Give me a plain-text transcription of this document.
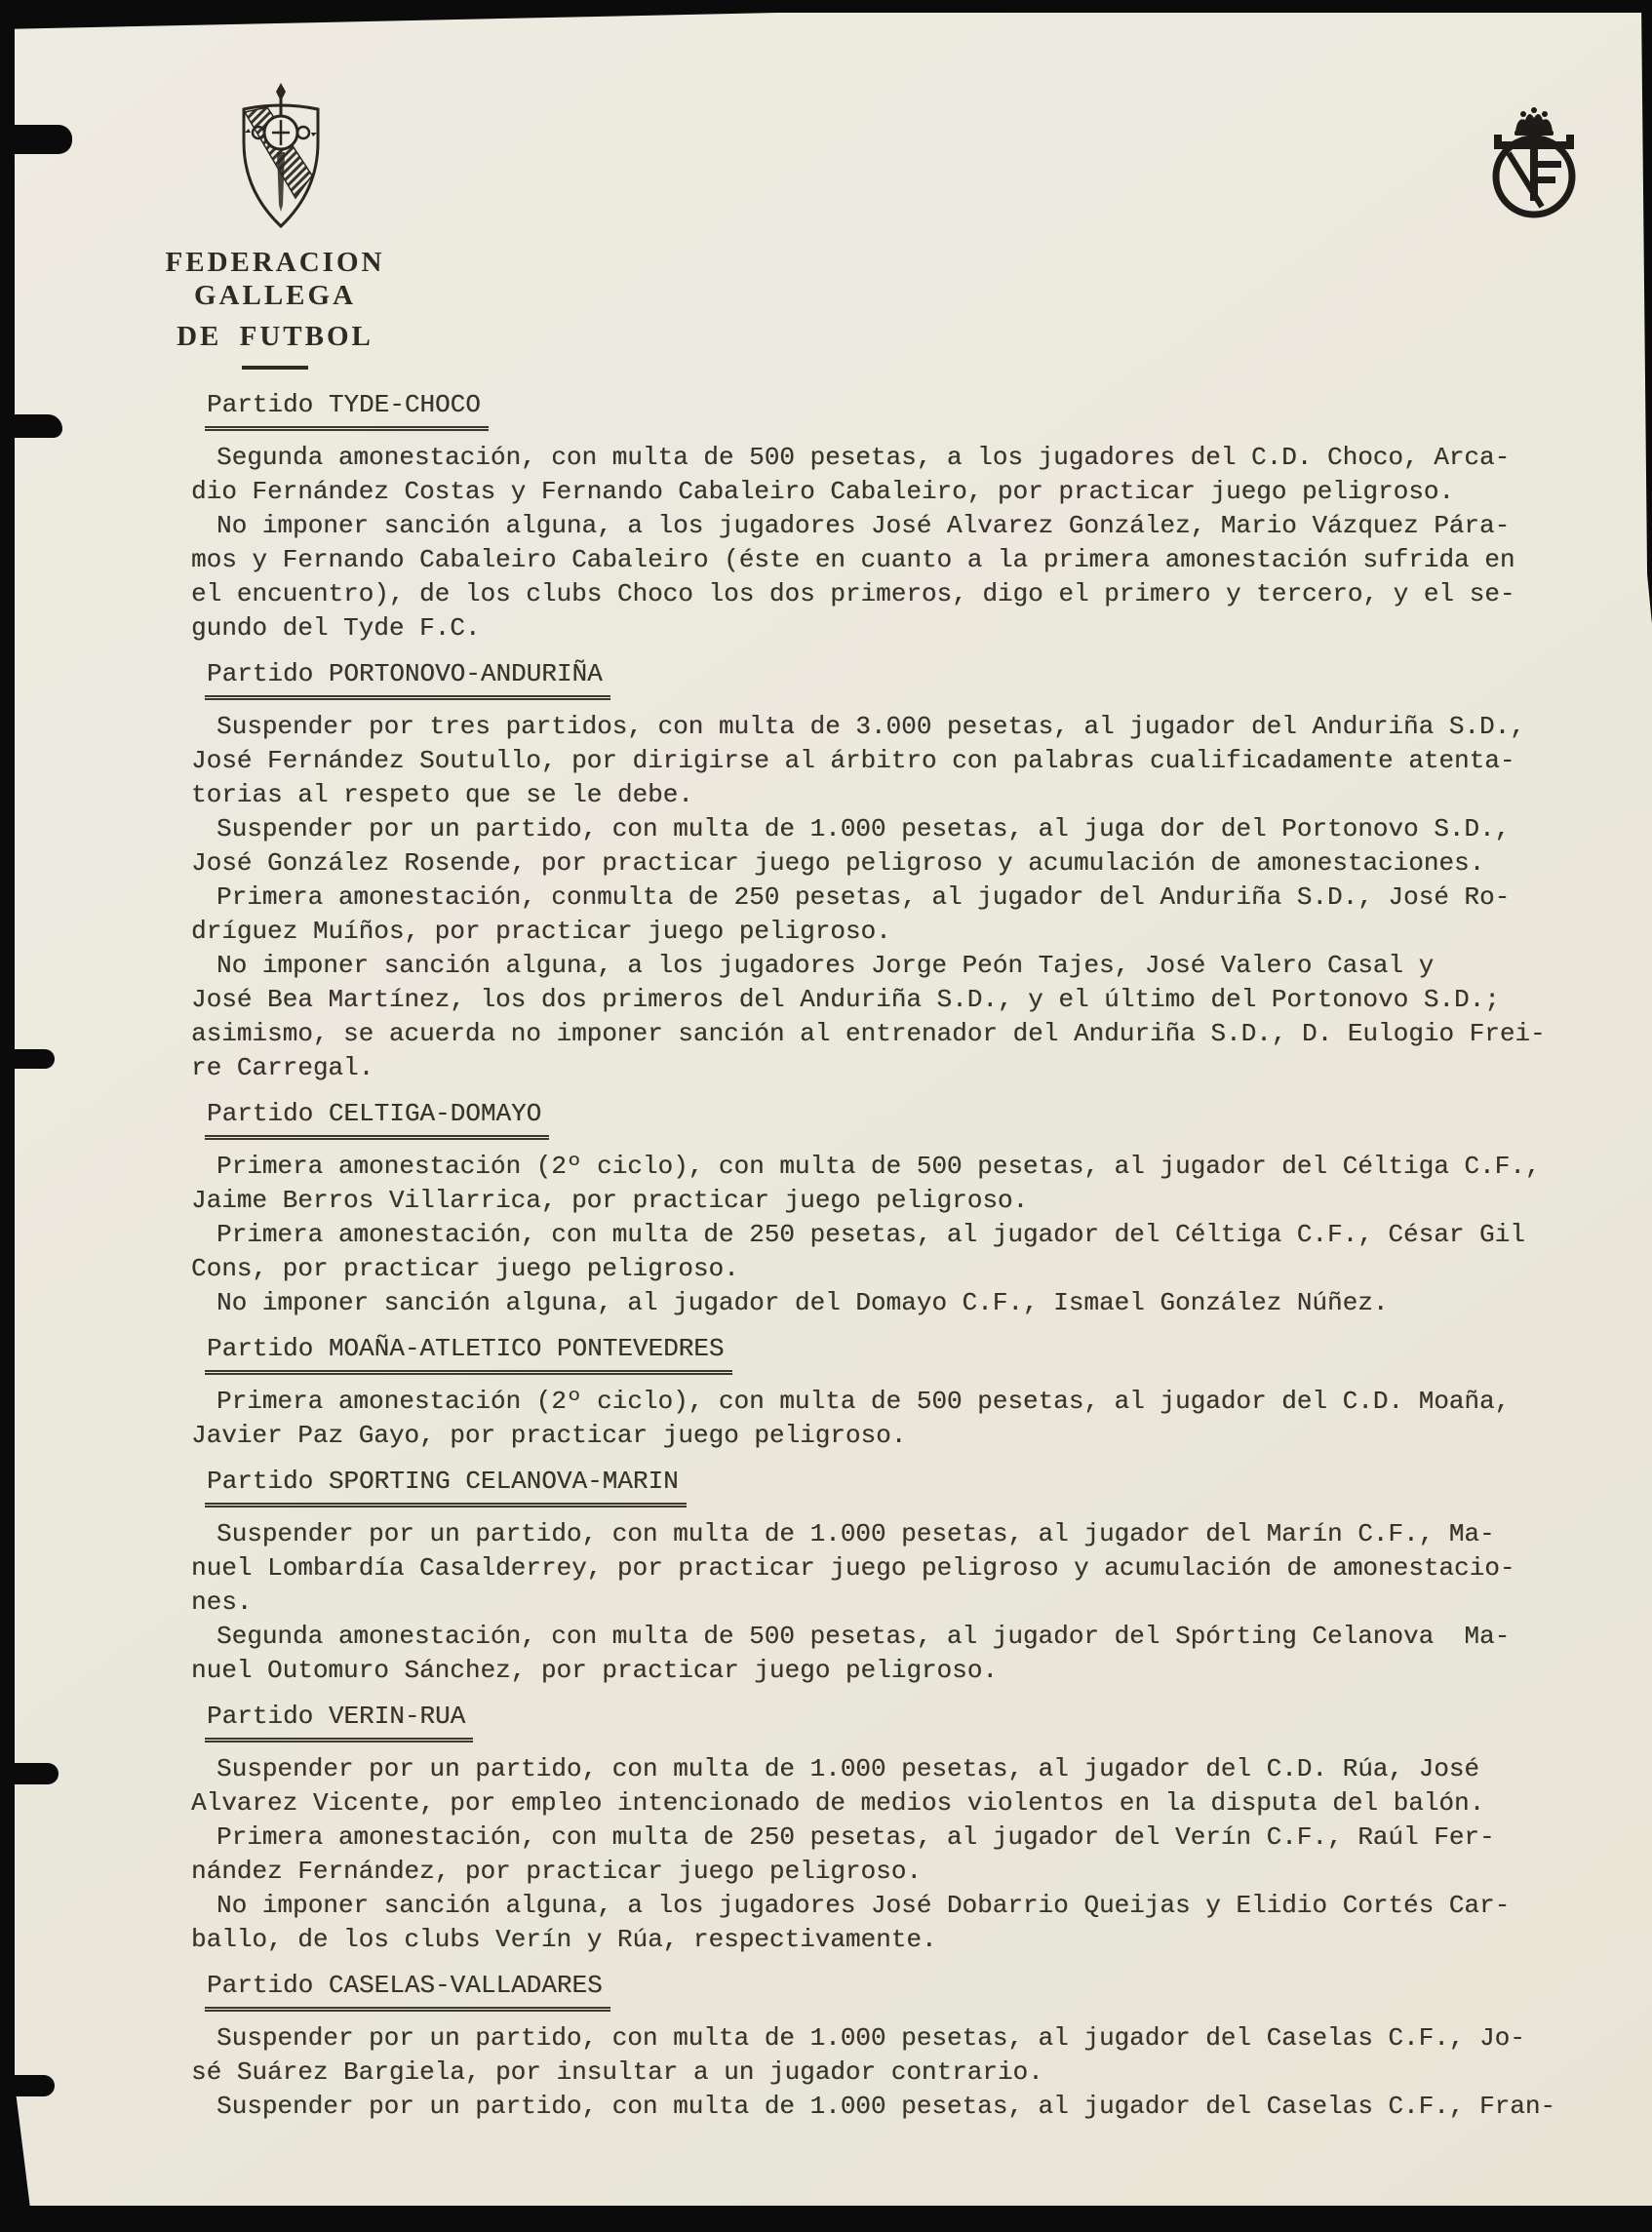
FEDERACION GALLEGA
DE FUTBOL
Partido TYDE-CHOCO
Segunda amonestación, con multa de 500 pesetas, a los jugadores del C.D. Choco, Arca-
dio Fernández Costas y Fernando Cabaleiro Cabaleiro, por practicar juego peligroso.
No imponer sanción alguna, a los jugadores José Alvarez González, Mario Vázquez Pára-
mos y Fernando Cabaleiro Cabaleiro (éste en cuanto a la primera amonestación sufrida en
el encuentro), de los clubs Choco los dos primeros, digo el primero y tercero, y el se-
gundo del Tyde F.C.
Partido PORTONOVO-ANDURIÑA
Suspender por tres partidos, con multa de 3.000 pesetas, al jugador del Anduriña S.D.,
José Fernández Soutullo, por dirigirse al árbitro con palabras cualificadamente atenta-
torias al respeto que se le debe.
Suspender por un partido, con multa de 1.000 pesetas, al juga dor del Portonovo S.D.,
José González Rosende, por practicar juego peligroso y acumulación de amonestaciones.
Primera amonestación, conmulta de 250 pesetas, al jugador del Anduriña S.D., José Ro-
dríguez Muíños, por practicar juego peligroso.
No imponer sanción alguna, a los jugadores Jorge Peón Tajes, José Valero Casal y
José Bea Martínez, los dos primeros del Anduriña S.D., y el último del Portonovo S.D.;
asimismo, se acuerda no imponer sanción al entrenador del Anduriña S.D., D. Eulogio Frei-
re Carregal.
Partido CELTIGA-DOMAYO
Primera amonestación (2º ciclo), con multa de 500 pesetas, al jugador del Céltiga C.F.,
Jaime Berros Villarrica, por practicar juego peligroso.
Primera amonestación, con multa de 250 pesetas, al jugador del Céltiga C.F., César Gil
Cons, por practicar juego peligroso.
No imponer sanción alguna, al jugador del Domayo C.F., Ismael González Núñez.
Partido MOAÑA-ATLETICO PONTEVEDRES
Primera amonestación (2º ciclo), con multa de 500 pesetas, al jugador del C.D. Moaña,
Javier Paz Gayo, por practicar juego peligroso.
Partido SPORTING CELANOVA-MARIN
Suspender por un partido, con multa de 1.000 pesetas, al jugador del Marín C.F., Ma-
nuel Lombardía Casalderrey, por practicar juego peligroso y acumulación de amonestacio-
nes.
Segunda amonestación, con multa de 500 pesetas, al jugador del Spórting Celanova  Ma-
nuel Outomuro Sánchez, por practicar juego peligroso.
Partido VERIN-RUA
Suspender por un partido, con multa de 1.000 pesetas, al jugador del C.D. Rúa, José
Alvarez Vicente, por empleo intencionado de medios violentos en la disputa del balón.
Primera amonestación, con multa de 250 pesetas, al jugador del Verín C.F., Raúl Fer-
nández Fernández, por practicar juego peligroso.
No imponer sanción alguna, a los jugadores José Dobarrio Queijas y Elidio Cortés Car-
ballo, de los clubs Verín y Rúa, respectivamente.
Partido CASELAS-VALLADARES
Suspender por un partido, con multa de 1.000 pesetas, al jugador del Caselas C.F., Jo-
sé Suárez Bargiela, por insultar a un jugador contrario.
Suspender por un partido, con multa de 1.000 pesetas, al jugador del Caselas C.F., Fran-
